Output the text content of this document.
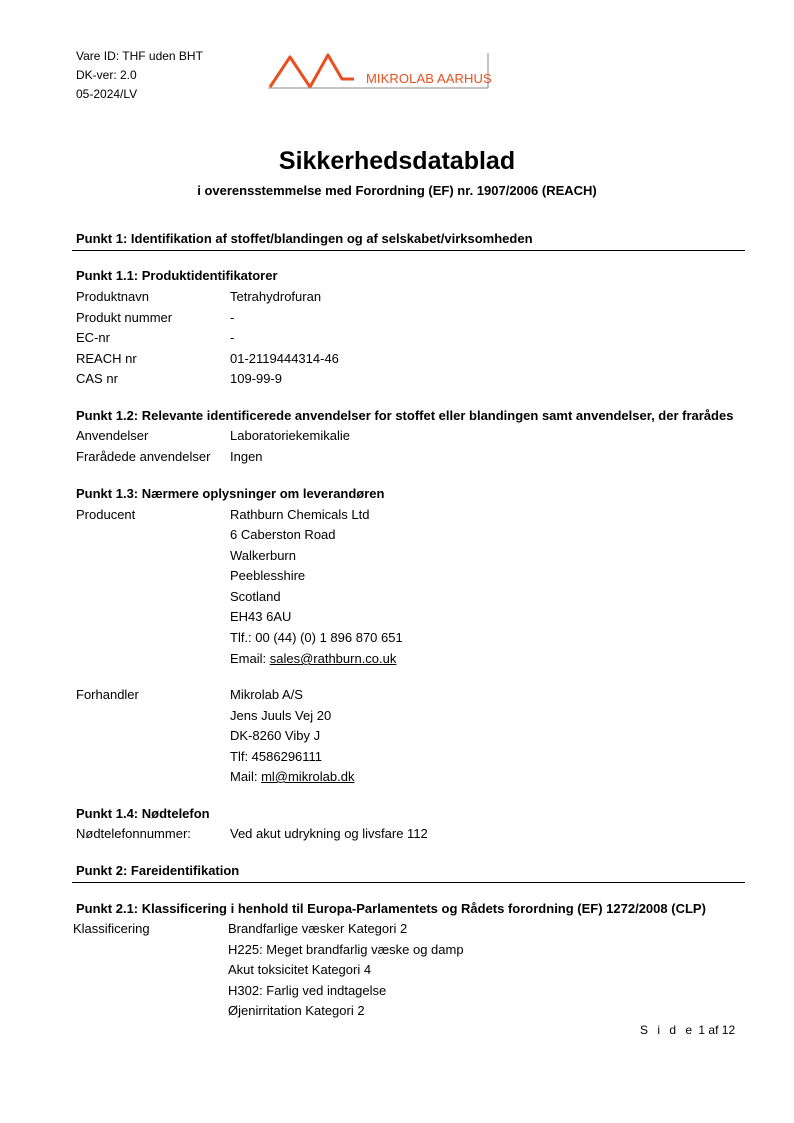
Vare ID: THF uden BHT
DK-ver: 2.0
05-2024/LV
MIKROLAB AARHUS
Sikkerhedsdatablad
i overensstemmelse med Forordning (EF) nr. 1907/2006 (REACH)
Punkt 1: Identifikation af stoffet/blandingen og af selskabet/virksomheden
Punkt 1.1: Produktidentifikatorer
Produktnavn	Tetrahydrofuran
Produkt nummer	-
EC-nr	-
REACH nr	01-2119444314-46
CAS nr	109-99-9
Punkt 1.2: Relevante identificerede anvendelser for stoffet eller blandingen samt anvendelser, der frarådes
Anvendelser	Laboratoriekemikalie
Frarådede anvendelser Ingen
Punkt 1.3: Nærmere oplysninger om leverandøren
Producent	Rathburn Chemicals Ltd
6 Caberston Road
Walkerburn
Peeblesshire
Scotland
EH43 6AU
Tlf.: 00 (44) (0) 1 896 870 651
Email: sales@rathburn.co.uk
Forhandler	Mikrolab A/S
Jens Juuls Vej 20
DK-8260 Viby J
Tlf: 4586296111
Mail: ml@mikrolab.dk
Punkt 1.4: Nødtelefon
Nødtelefonnummer:	Ved akut udrykning og livsfare 112
Punkt 2: Fareidentifikation
Punkt 2.1: Klassificering i henhold til Europa-Parlamentets og Rådets forordning (EF) 1272/2008 (CLP)
Klassificering	Brandfarlige væsker Kategori 2
H225: Meget brandfarlig væske og damp
Akut toksicitet Kategori 4
H302: Farlig ved indtagelse
Øjenirritation Kategori 2
S i d e 1 af 12
